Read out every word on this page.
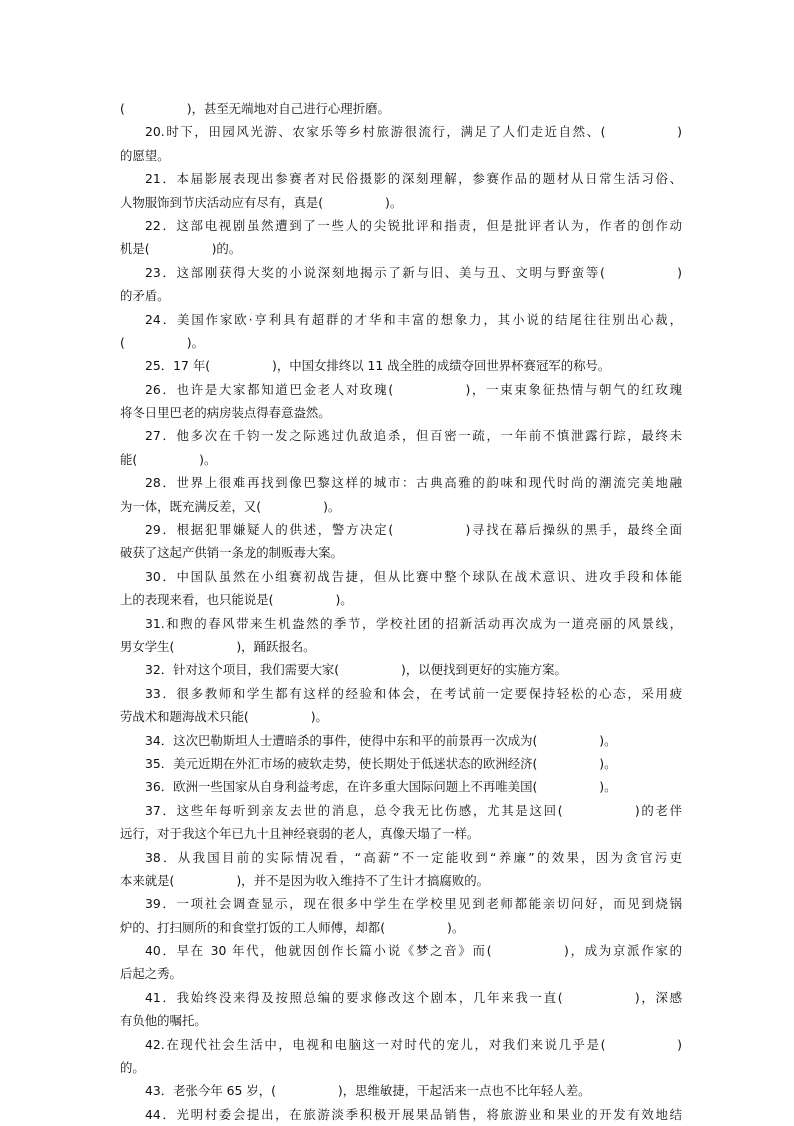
(　　　　　)，甚至无端地对自己进行心理折磨。
20.时下，田园风光游、农家乐等乡村旅游很流行，满足了人们走近自然、(　　　　　)
的愿望。
21．本届影展表现出参赛者对民俗摄影的深刻理解，参赛作品的题材从日常生活习俗、
人物服饰到节庆活动应有尽有，真是(　　　　　)。
22．这部电视剧虽然遭到了一些人的尖锐批评和指责，但是批评者认为，作者的创作动
机是(　　　　　)的。
23．这部刚获得大奖的小说深刻地揭示了新与旧、美与丑、文明与野蛮等(　　　　　)
的矛盾。
24．美国作家欧·亨利具有超群的才华和丰富的想象力，其小说的结尾往往别出心裁，
(　　　　　)。
25．17 年(　　　　　)，中国女排终以 11 战全胜的成绩夺回世界杯赛冠军的称号。
26．也许是大家都知道巴金老人对玫瑰(　　　　　)，一束束象征热情与朝气的红玫瑰
将冬日里巴老的病房装点得春意盎然。
27．他多次在千钧一发之际逃过仇敌追杀，但百密一疏，一年前不慎泄露行踪，最终未
能(　　　　　)。
28．世界上很难再找到像巴黎这样的城市：古典高雅的韵味和现代时尚的潮流完美地融
为一体，既充满反差，又(　　　　　)。
29．根据犯罪嫌疑人的供述，警方决定(　　　　　)寻找在幕后操纵的黑手，最终全面
破获了这起产供销一条龙的制贩毒大案。
30．中国队虽然在小组赛初战告捷，但从比赛中整个球队在战术意识、进攻手段和体能
上的表现来看，也只能说是(　　　　　)。
31.和煦的春风带来生机盎然的季节，学校社团的招新活动再次成为一道亮丽的风景线，
男女学生(　　　　　)，踊跃报名。
32．针对这个项目，我们需要大家(　　　　　)，以便找到更好的实施方案。
33．很多教师和学生都有这样的经验和体会，在考试前一定要保持轻松的心态，采用疲
劳战术和题海战术只能(　　　　　)。
34．这次巴勒斯坦人士遭暗杀的事件，使得中东和平的前景再一次成为(　　　　　)。
35．美元近期在外汇市场的疲软走势，使长期处于低迷状态的欧洲经济(　　　　　)。
36．欧洲一些国家从自身利益考虑，在许多重大国际问题上不再唯美国(　　　　　)。
37．这些年每听到亲友去世的消息，总令我无比伤感，尤其是这回(　　　　　)的老伴
远行，对于我这个年已九十且神经衰弱的老人，真像天塌了一样。
38．从我国目前的实际情况看，“高薪”不一定能收到“养廉”的效果，因为贪官污吏
本来就是(　　　　　)，并不是因为收入维持不了生计才搞腐败的。
39．一项社会调查显示，现在很多中学生在学校里见到老师都能亲切问好，而见到烧锅
炉的、打扫厕所的和食堂打饭的工人师傅，却都(　　　　　)。
40．早在 30 年代，他就因创作长篇小说《梦之音》而(　　　　　)，成为京派作家的
后起之秀。
41．我始终没来得及按照总编的要求修改这个剧本，几年来我一直(　　　　　)，深感
有负他的嘱托。
42.在现代社会生活中，电视和电脑这一对时代的宠儿，对我们来说几乎是(　　　　　)
的。
43．老张今年 65 岁，(　　　　　)，思维敏捷，干起活来一点也不比年轻人差。
44．光明村委会提出，在旅游淡季积极开展果品销售，将旅游业和果业的开发有效地结
